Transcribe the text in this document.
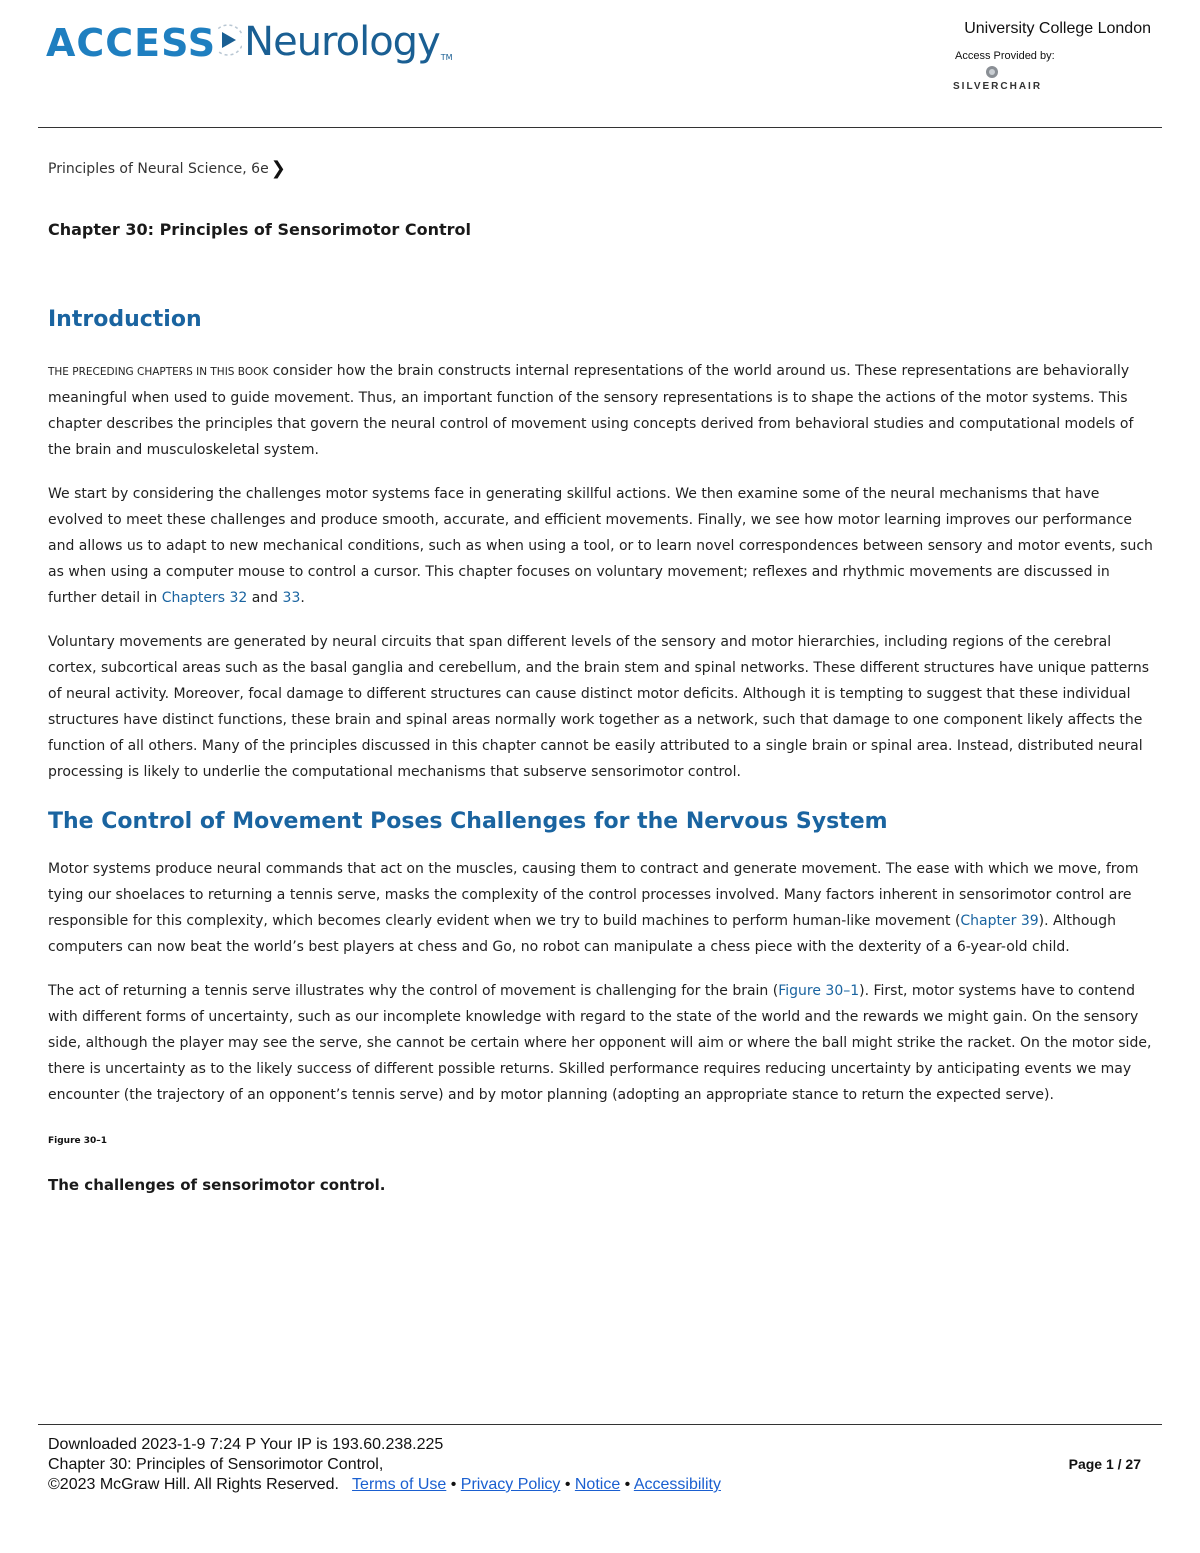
ACCESS Neurology TM
University College London
Access Provided by:
SILVERCHAIR
Principles of Neural Science, 6e ❯
Chapter 30: Principles of Sensorimotor Control
Introduction

THE PRECEDING CHAPTERS IN THIS BOOK consider how the brain constructs internal representations of the world around us. These representations are behaviorally meaningful when used to guide movement. Thus, an important function of the sensory representations is to shape the actions of the motor systems. This chapter describes the principles that govern the neural control of movement using concepts derived from behavioral studies and computational models of the brain and musculoskeletal system.

We start by considering the challenges motor systems face in generating skillful actions. We then examine some of the neural mechanisms that have evolved to meet these challenges and produce smooth, accurate, and efficient movements. Finally, we see how motor learning improves our performance and allows us to adapt to new mechanical conditions, such as when using a tool, or to learn novel correspondences between sensory and motor events, such as when using a computer mouse to control a cursor. This chapter focuses on voluntary movement; reflexes and rhythmic movements are discussed in further detail in Chapters 32 and 33.

Voluntary movements are generated by neural circuits that span different levels of the sensory and motor hierarchies, including regions of the cerebral cortex, subcortical areas such as the basal ganglia and cerebellum, and the brain stem and spinal networks. These different structures have unique patterns of neural activity. Moreover, focal damage to different structures can cause distinct motor deficits. Although it is tempting to suggest that these individual structures have distinct functions, these brain and spinal areas normally work together as a network, such that damage to one component likely affects the function of all others. Many of the principles discussed in this chapter cannot be easily attributed to a single brain or spinal area. Instead, distributed neural processing is likely to underlie the computational mechanisms that subserve sensorimotor control.

The Control of Movement Poses Challenges for the Nervous System

Motor systems produce neural commands that act on the muscles, causing them to contract and generate movement. The ease with which we move, from tying our shoelaces to returning a tennis serve, masks the complexity of the control processes involved. Many factors inherent in sensorimotor control are responsible for this complexity, which becomes clearly evident when we try to build machines to perform human-like movement (Chapter 39). Although computers can now beat the world’s best players at chess and Go, no robot can manipulate a chess piece with the dexterity of a 6-year-old child.

The act of returning a tennis serve illustrates why the control of movement is challenging for the brain (Figure 30–1). First, motor systems have to contend with different forms of uncertainty, such as our incomplete knowledge with regard to the state of the world and the rewards we might gain. On the sensory side, although the player may see the serve, she cannot be certain where her opponent will aim or where the ball might strike the racket. On the motor side, there is uncertainty as to the likely success of different possible returns. Skilled performance requires reducing uncertainty by anticipating events we may encounter (the trajectory of an opponent’s tennis serve) and by motor planning (adopting an appropriate stance to return the expected serve).

Figure 30–1
The challenges of sensorimotor control.
Downloaded 2023-1-9 7:24 P Your IP is 193.60.238.225
Chapter 30: Principles of Sensorimotor Control,
©2023 McGraw Hill. All Rights Reserved. Terms of Use • Privacy Policy • Notice • Accessibility
Page 1 / 27
